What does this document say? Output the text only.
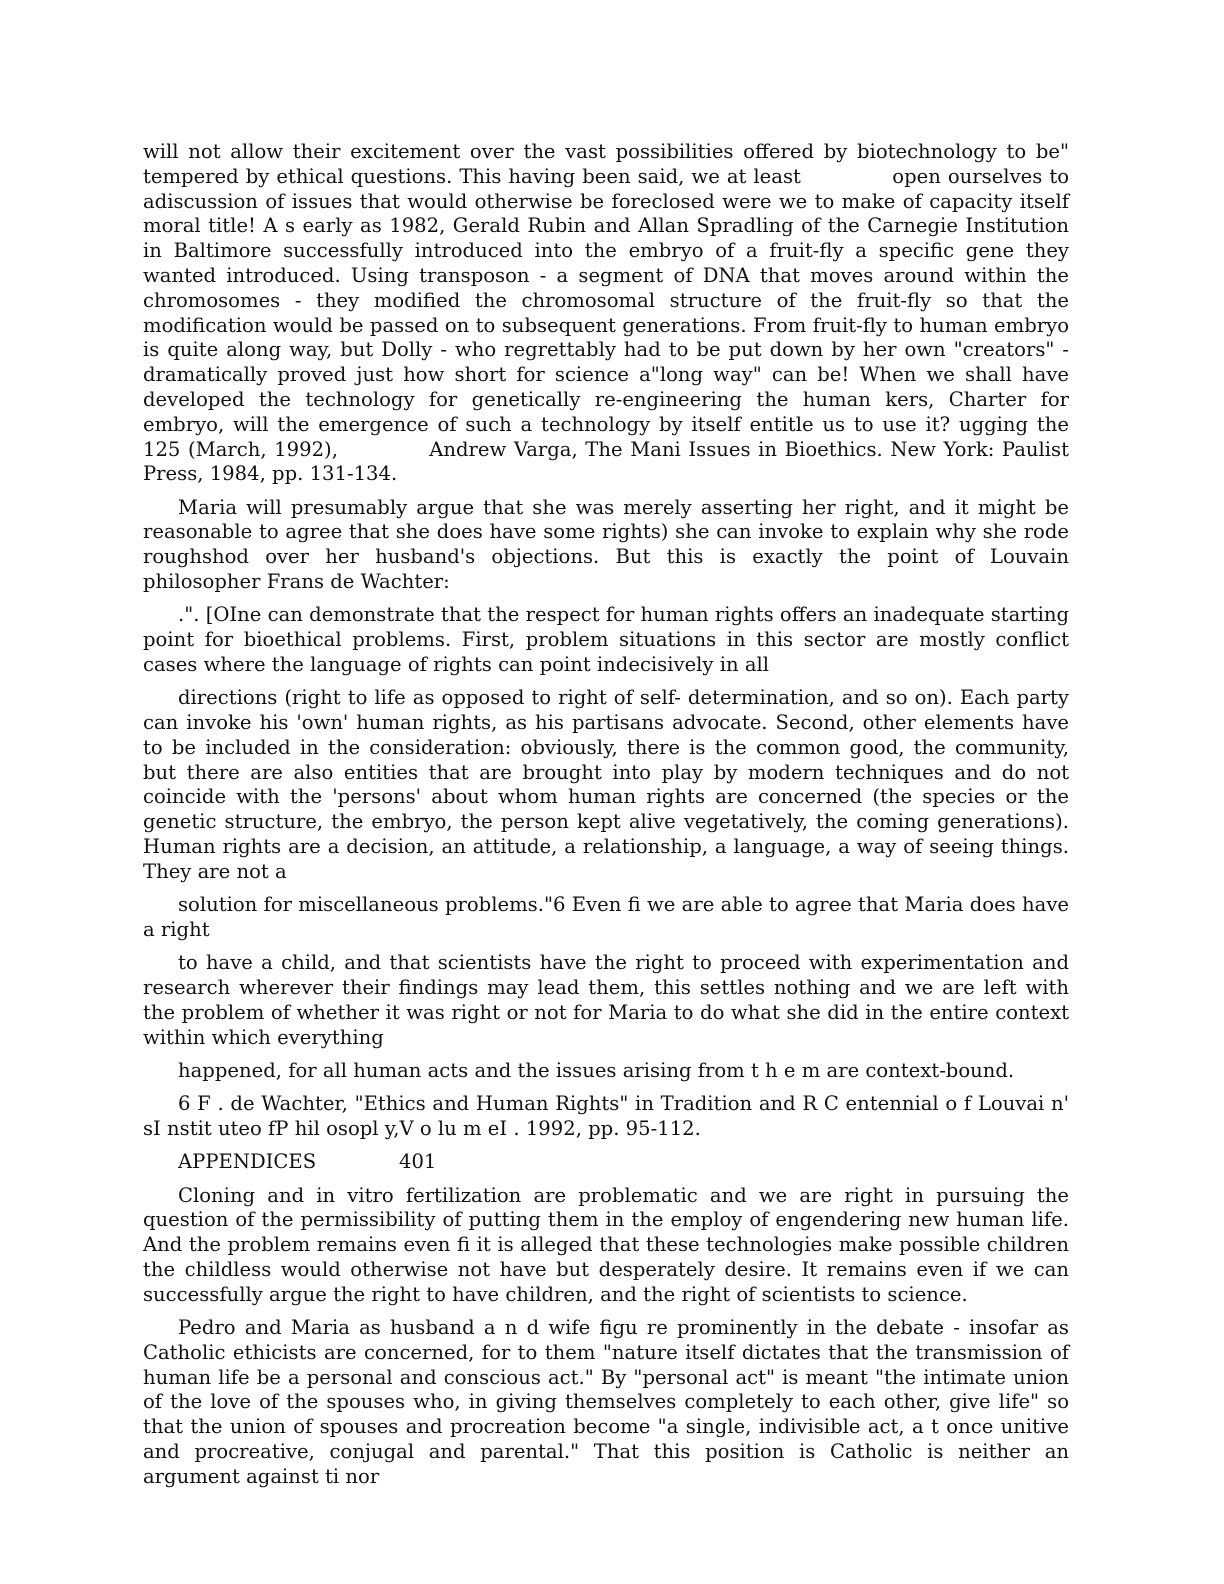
will not allow their excitement over the vast possibilities offered by biotechnology to be" tempered by ethical questions. This having been said, we at least             open ourselves to adiscussion of issues that would otherwise be foreclosed were we to make of capacity itself moral title! A s early as 1982, Gerald Rubin and Allan Spradling of the Carnegie Institution in Baltimore successfully introduced into the embryo of a fruit-fly a specific gene they wanted introduced. Using transposon - a segment of DNA that moves around within the chromosomes - they modified the chromosomal structure of the fruit-fly so that the modification would be passed on to subsequent generations. From fruit-fly to human embryo is quite along way, but Dolly - who regrettably had to be put down by her own "creators" - dramatically proved just how short for science a"long way" can be! When we shall have developed the technology for genetically re-engineering the human kers, Charter for embryo, will the emergence of such a technology by itself entitle us to use it? ugging the 125 (March, 1992),            Andrew Varga, The Mani Issues in Bioethics. New York: Paulist Press, 1984, pp. 131-134.

Maria will presumably argue that she was merely asserting her right, and it might be reasonable to agree that she does have some rights) she can invoke to explain why she rode roughshod over her husband's objections. But this is exactly the point of Louvain philosopher Frans de Wachter:

.". [OIne can demonstrate that the respect for human rights offers an inadequate starting point for bioethical problems. First, problem situations in this sector are mostly conflict cases where the language of rights can point indecisively in all

directions (right to life as opposed to right of self- determination, and so on). Each party can invoke his 'own' human rights, as his partisans advocate. Second, other elements have to be included in the consideration: obviously, there is the common good, the community, but there are also entities that are brought into play by modern techniques and do not coincide with the 'persons' about whom human rights are concerned (the species or the genetic structure, the embryo, the person kept alive vegetatively, the coming generations). Human rights are a decision, an attitude, a relationship, a language, a way of seeing things. They are not a

solution for miscellaneous problems."6 Even fi we are able to agree that Maria does have a right

to have a child, and that scientists have the right to proceed with experimentation and research wherever their findings may lead them, this settles nothing and we are left with the problem of whether it was right or not for Maria to do what she did in the entire context within which everything

happened, for all human acts and the issues arising from t h e m are context-bound.

6 F . de Wachter, "Ethics and Human Rights" in Tradition and R C entennial o f Louvai n' sI nstit uteo fP hil osopl y,V o lu m eI . 1992, pp. 95-112.

APPENDICES	401

Cloning and in vitro fertilization are problematic and we are right in pursuing the question of the permissibility of putting them in the employ of engendering new human life. And the problem remains even fi it is alleged that these technologies make possible children the childless would otherwise not have but desperately desire. It remains even if we can successfully argue the right to have children, and the right of scientists to science.

Pedro and Maria as husband a n d wife figu re prominently in the debate - insofar as Catholic ethicists are concerned, for to them "nature itself dictates that the transmission of human life be a personal and conscious act." By "personal act" is meant "the intimate union of the love of the spouses who, in giving themselves completely to each other, give life" so that the union of spouses and procreation become "a single, indivisible act, a t once unitive and procreative, conjugal and parental." That this position is Catholic is neither an argument against ti nor
